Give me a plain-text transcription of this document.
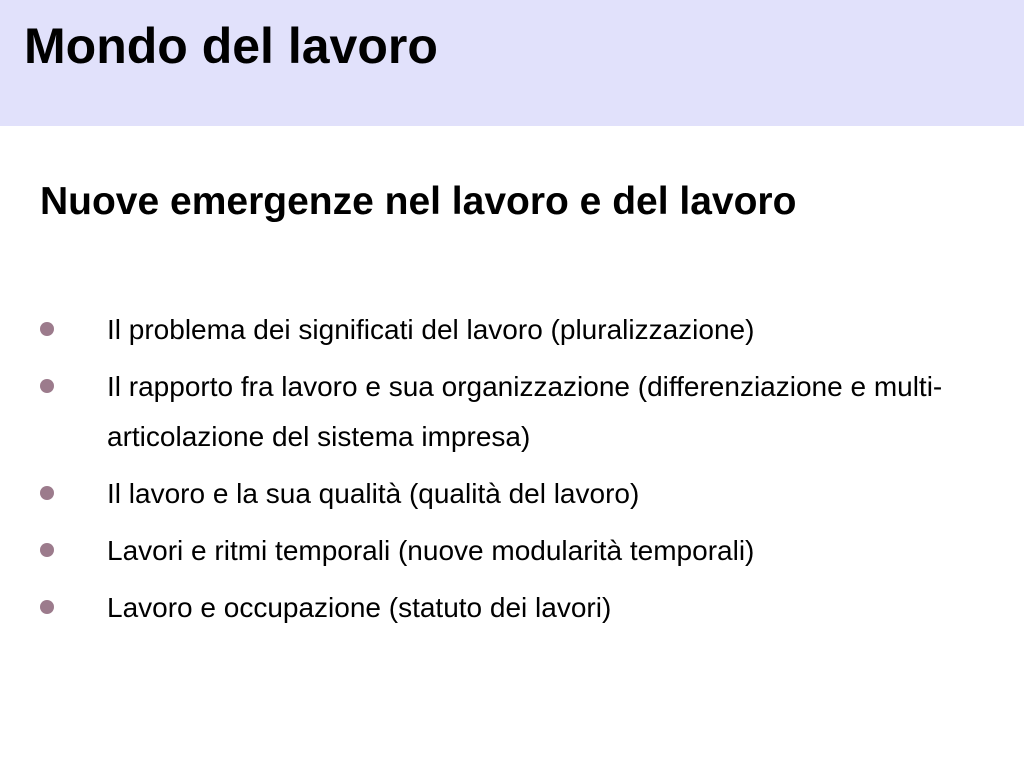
Mondo del lavoro
Nuove emergenze nel lavoro e del lavoro
Il problema dei significati del lavoro (pluralizzazione)
Il rapporto fra lavoro e sua organizzazione (differenziazione e multi-articolazione del sistema impresa)
Il lavoro e la sua qualità (qualità del lavoro)
Lavori e ritmi temporali (nuove modularità temporali)
Lavoro e occupazione (statuto dei lavori)
